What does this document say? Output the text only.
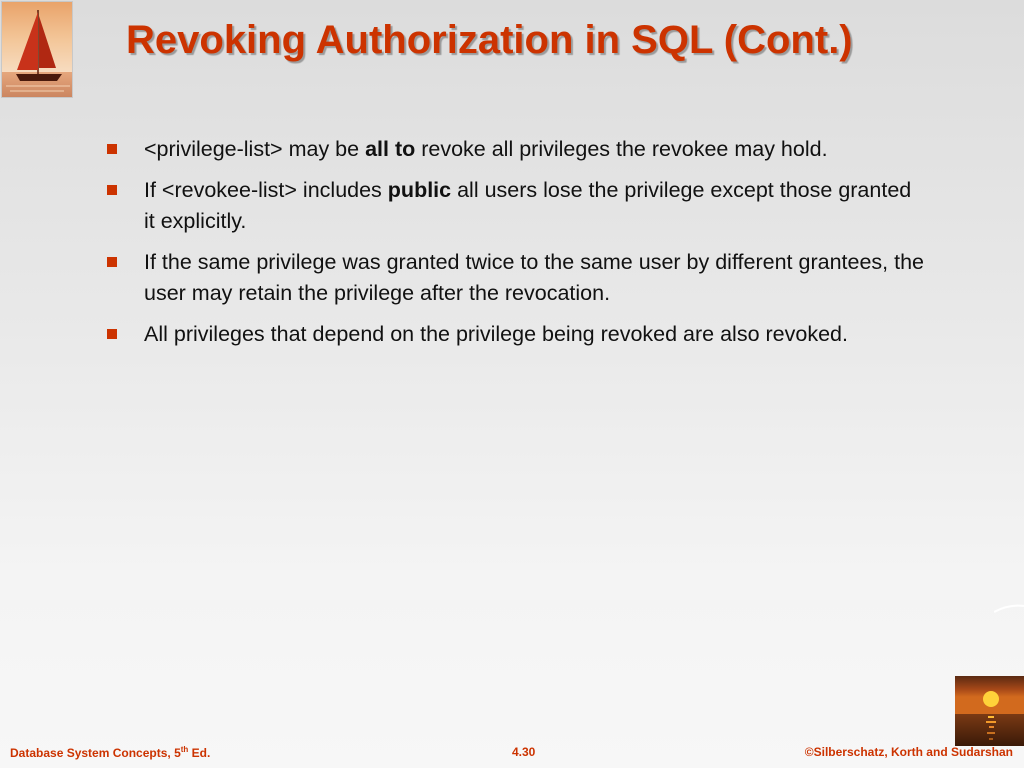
Revoking Authorization in SQL (Cont.)
<privilege-list> may be all to revoke all privileges the revokee may hold.
If <revokee-list> includes public all users lose the privilege except those granted it explicitly.
If the same privilege was granted twice to the same user by different grantees, the user may retain the privilege after the revocation.
All privileges that depend on the privilege being revoked are also revoked.
Database System Concepts, 5th Ed.	4.30	©Silberschatz, Korth and Sudarshan
